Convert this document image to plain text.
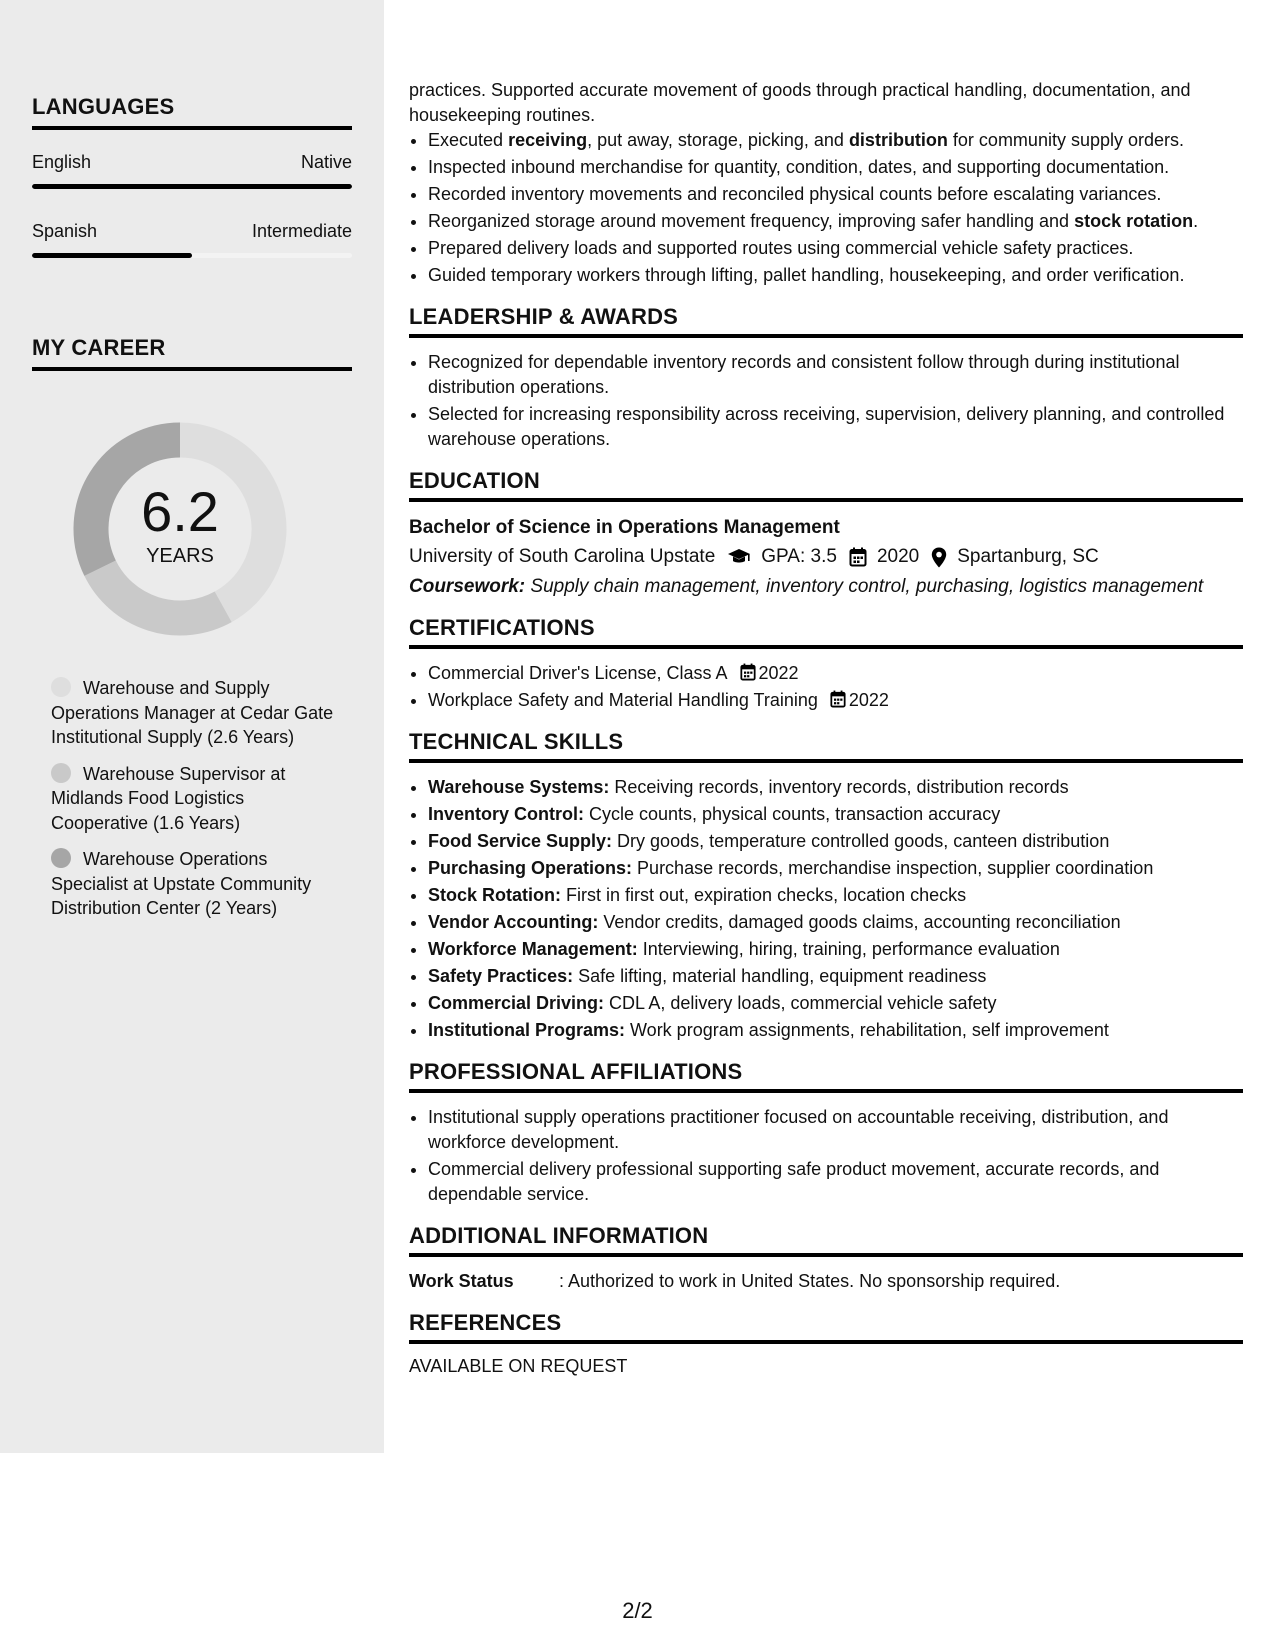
LANGUAGES
English	Native
Spanish	Intermediate
MY CAREER
6.2
YEARS
Warehouse and Supply Operations Manager at Cedar Gate Institutional Supply (2.6 Years)
Warehouse Supervisor at Midlands Food Logistics Cooperative (1.6 Years)
Warehouse Operations Specialist at Upstate Community Distribution Center (2 Years)

practices. Supported accurate movement of goods through practical handling, documentation, and housekeeping routines.

• Executed receiving, put away, storage, picking, and distribution for community supply orders.
• Inspected inbound merchandise for quantity, condition, dates, and supporting documentation.
• Recorded inventory movements and reconciled physical counts before escalating variances.
• Reorganized storage around movement frequency, improving safer handling and stock rotation.
• Prepared delivery loads and supported routes using commercial vehicle safety practices.
• Guided temporary workers through lifting, pallet handling, housekeeping, and order verification.
LEADERSHIP & AWARDS
• Recognized for dependable inventory records and consistent follow through during institutional distribution operations.
• Selected for increasing responsibility across receiving, supervision, delivery planning, and controlled warehouse operations.
EDUCATION
Bachelor of Science in Operations Management
University of South Carolina Upstate GPA: 3.5 2020 Spartanburg, SC
Coursework: Supply chain management, inventory control, purchasing, logistics management
CERTIFICATIONS
• Commercial Driver's License, Class A 2022
• Workplace Safety and Material Handling Training 2022
TECHNICAL SKILLS
• Warehouse Systems: Receiving records, inventory records, distribution records
• Inventory Control: Cycle counts, physical counts, transaction accuracy
• Food Service Supply: Dry goods, temperature controlled goods, canteen distribution
• Purchasing Operations: Purchase records, merchandise inspection, supplier coordination
• Stock Rotation: First in first out, expiration checks, location checks
• Vendor Accounting: Vendor credits, damaged goods claims, accounting reconciliation
• Workforce Management: Interviewing, hiring, training, performance evaluation
• Safety Practices: Safe lifting, material handling, equipment readiness
• Commercial Driving: CDL A, delivery loads, commercial vehicle safety
• Institutional Programs: Work program assignments, rehabilitation, self improvement
PROFESSIONAL AFFILIATIONS
• Institutional supply operations practitioner focused on accountable receiving, distribution, and workforce development.
• Commercial delivery professional supporting safe product movement, accurate records, and dependable service.
ADDITIONAL INFORMATION
Work Status	: Authorized to work in United States. No sponsorship required.
REFERENCES
AVAILABLE ON REQUEST
2/2
